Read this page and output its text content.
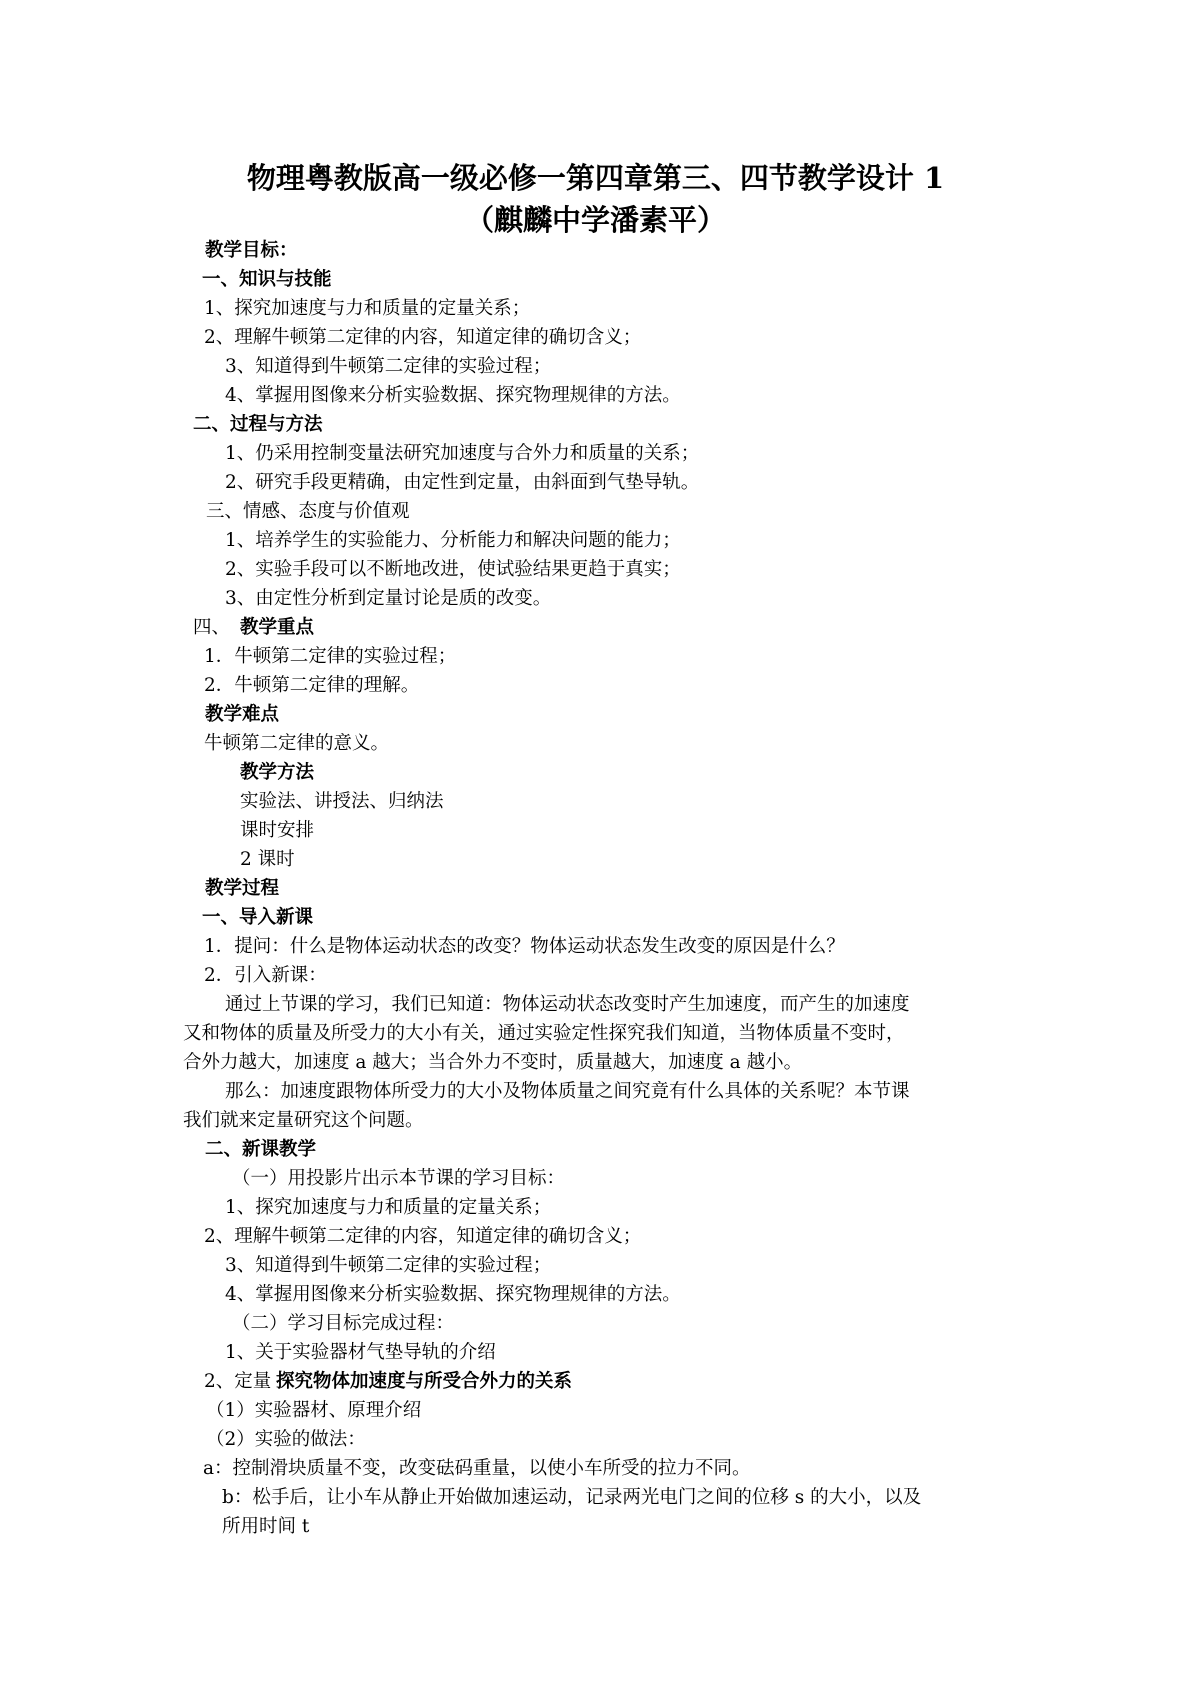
物理粤教版高一级必修一第四章第三、四节教学设计 1
（麒麟中学潘素平）
教学目标：
一、知识与技能
1、探究加速度与力和质量的定量关系；
2、理解牛顿第二定律的内容，知道定律的确切含义；
3、知道得到牛顿第二定律的实验过程；
4、掌握用图像来分析实验数据、探究物理规律的方法。
二、过程与方法
1、仍采用控制变量法研究加速度与合外力和质量的关系；
2、研究手段更精确，由定性到定量，由斜面到气垫导轨。
三、情感、态度与价值观
1、培养学生的实验能力、分析能力和解决问题的能力；
2、实验手段可以不断地改进，使试验结果更趋于真实；
3、由定性分析到定量讨论是质的改变。
四、 教学重点
1．牛顿第二定律的实验过程；
2．牛顿第二定律的理解。
教学难点
牛顿第二定律的意义。
教学方法
实验法、讲授法、归纳法
课时安排
2 课时
教学过程
一、导入新课
1．提问：什么是物体运动状态的改变？物体运动状态发生改变的原因是什么？
2．引入新课：
通过上节课的学习，我们已知道：物体运动状态改变时产生加速度，而产生的加速度
又和物体的质量及所受力的大小有关，通过实验定性探究我们知道，当物体质量不变时，
合外力越大，加速度 a 越大；当合外力不变时，质量越大，加速度 a 越小。
那么：加速度跟物体所受力的大小及物体质量之间究竟有什么具体的关系呢？本节课
我们就来定量研究这个问题。
二、新课教学
（一）用投影片出示本节课的学习目标：
1、探究加速度与力和质量的定量关系；
2、理解牛顿第二定律的内容，知道定律的确切含义；
3、知道得到牛顿第二定律的实验过程；
4、掌握用图像来分析实验数据、探究物理规律的方法。
（二）学习目标完成过程：
1、关于实验器材气垫导轨的介绍
2、定量 探究物体加速度与所受合外力的关系
（1）实验器材、原理介绍
（2）实验的做法：
a：控制滑块质量不变，改变砝码重量，以使小车所受的拉力不同。
b：松手后，让小车从静止开始做加速运动，记录两光电门之间的位移 s 的大小，以及
所用时间 t
